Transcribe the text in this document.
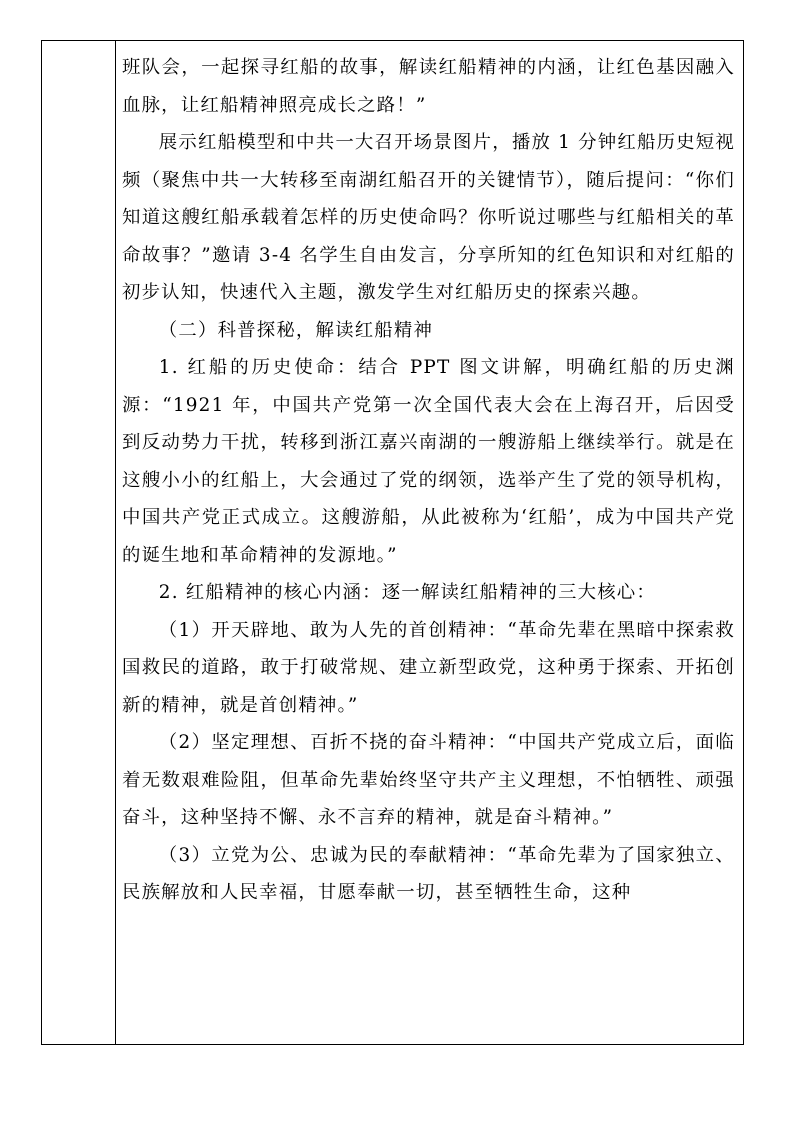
班队会，一起探寻红船的故事，解读红船精神的内涵，让红色基因融入血脉，让红船精神照亮成长之路！”

展示红船模型和中共一大召开场景图片，播放 1 分钟红船历史短视频（聚焦中共一大转移至南湖红船召开的关键情节），随后提问：“你们知道这艘红船承载着怎样的历史使命吗？你听说过哪些与红船相关的革命故事？”邀请 3-4 名学生自由发言，分享所知的红色知识和对红船的初步认知，快速代入主题，激发学生对红船历史的探索兴趣。

（二）科普探秘，解读红船精神

1. 红船的历史使命：结合 PPT 图文讲解，明确红船的历史渊源：“1921 年，中国共产党第一次全国代表大会在上海召开，后因受到反动势力干扰，转移到浙江嘉兴南湖的一艘游船上继续举行。就是在这艘小小的红船上，大会通过了党的纲领，选举产生了党的领导机构，中国共产党正式成立。这艘游船，从此被称为‘红船’，成为中国共产党的诞生地和革命精神的发源地。”

2. 红船精神的核心内涵：逐一解读红船精神的三大核心：

（1）开天辟地、敢为人先的首创精神：“革命先辈在黑暗中探索救国救民的道路，敢于打破常规、建立新型政党，这种勇于探索、开拓创新的精神，就是首创精神。”

（2）坚定理想、百折不挠的奋斗精神：“中国共产党成立后，面临着无数艰难险阻，但革命先辈始终坚守共产主义理想，不怕牺牲、顽强奋斗，这种坚持不懈、永不言弃的精神，就是奋斗精神。”

（3）立党为公、忠诚为民的奉献精神：“革命先辈为了国家独立、民族解放和人民幸福，甘愿奉献一切，甚至牺牲生命，这种
